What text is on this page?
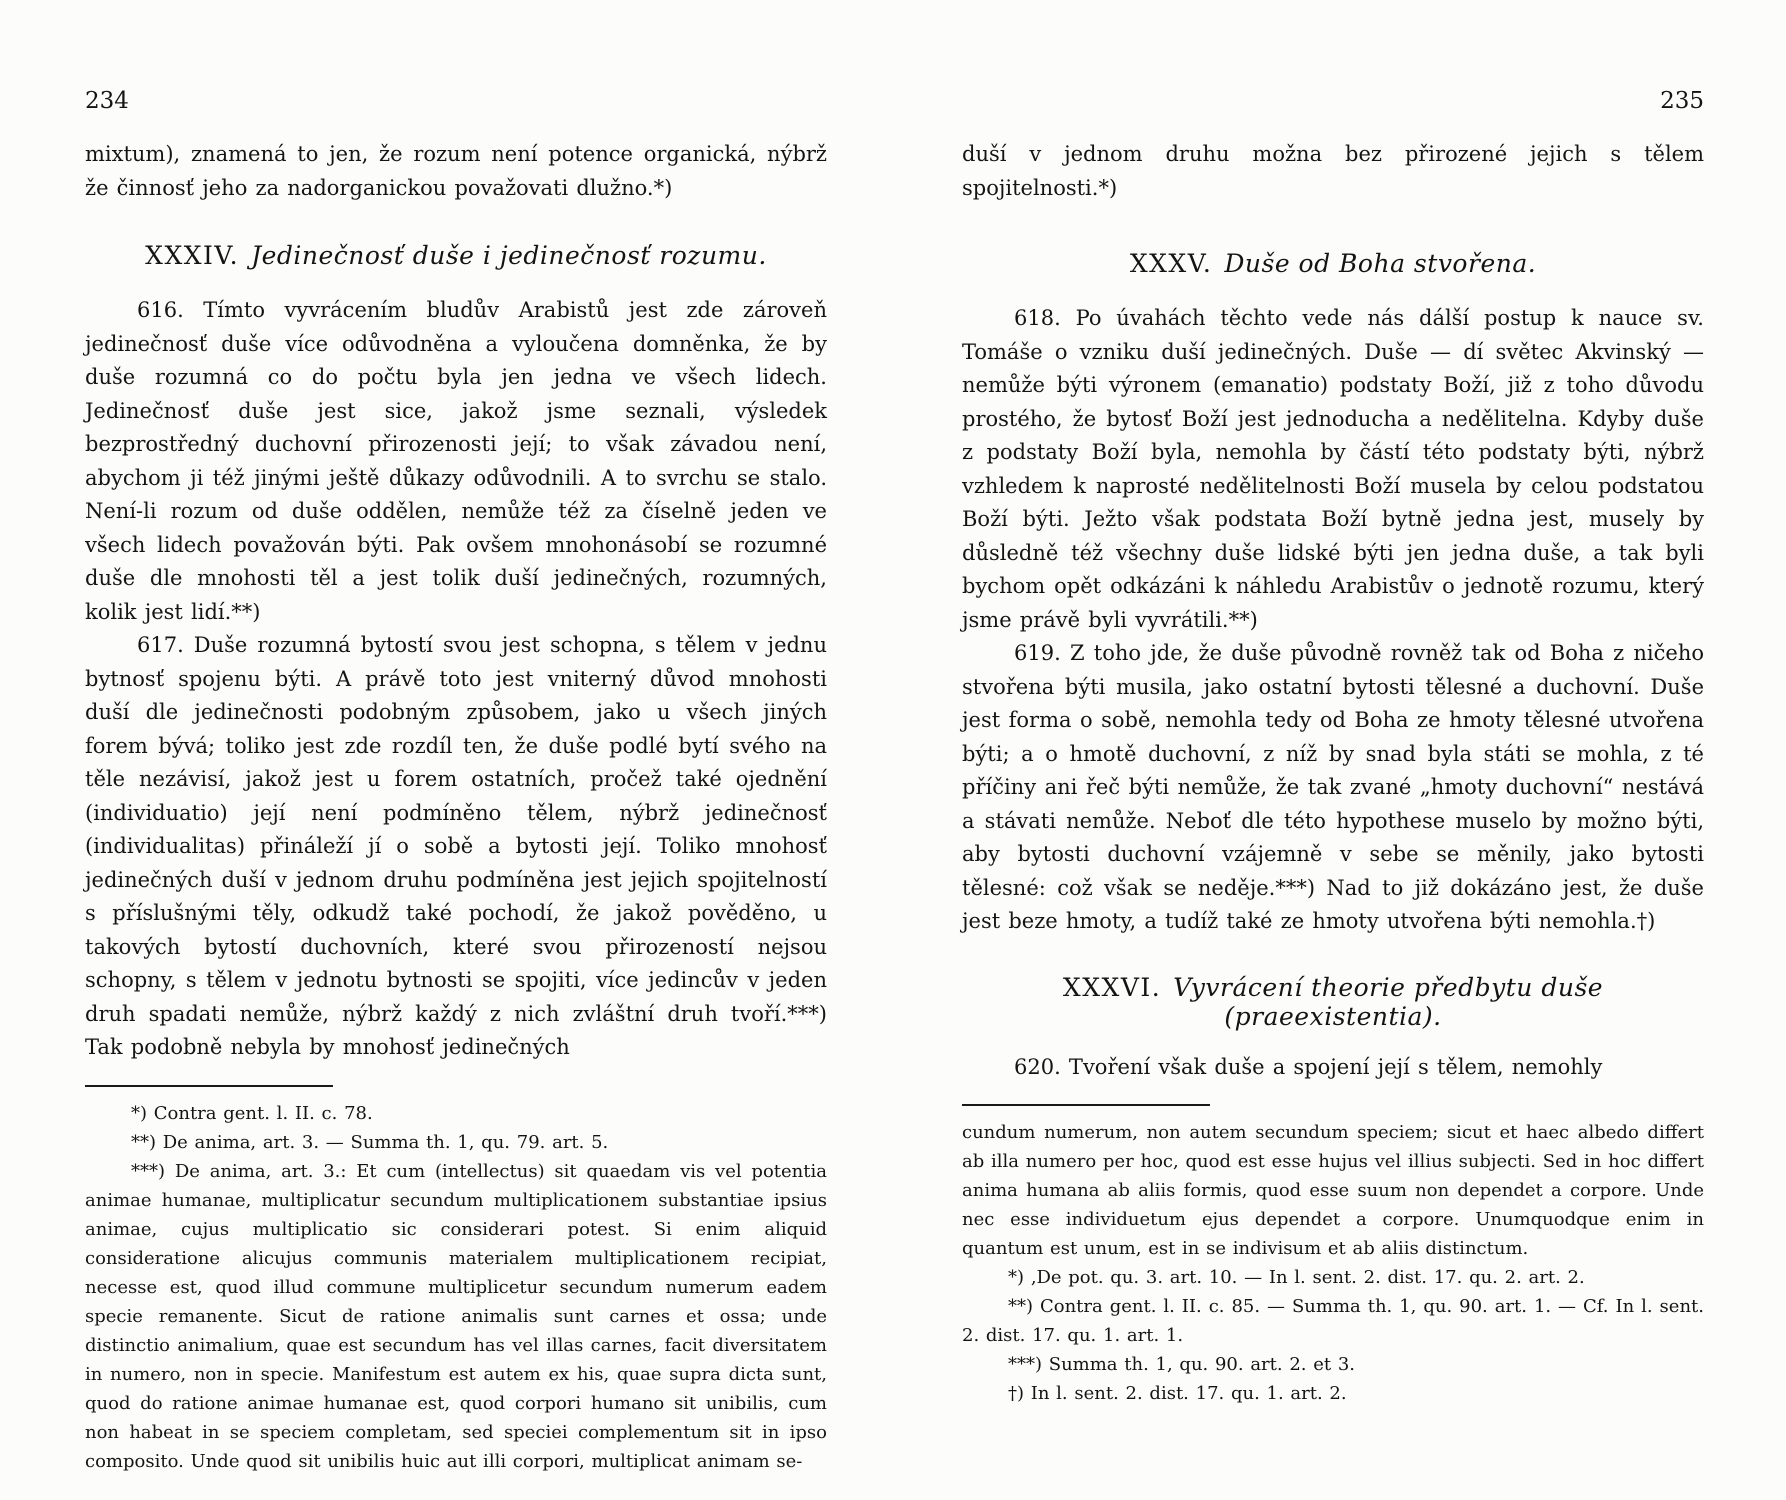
234

mixtum), znamená to jen, že rozum není potence organická, nýbrž že činnosť jeho za nadorganickou považovati dlužno.*)

XXXIV. Jedinečnosť duše i jedinečnosť rozumu.

616. Tímto vyvrácením bludův Arabistů jest zde zároveň jedinečnosť duše více odůvodněna a vyloučena domněnka, že by duše rozumná co do počtu byla jen jedna ve všech lidech. Jedinečnosť duše jest sice, jakož jsme seznali, výsledek bezprostředný duchovní přirozenosti její; to však závadou není, abychom ji též jinými ještě důkazy odůvodnili. A to svrchu se stalo. Není-li rozum od duše oddělen, nemůže též za číselně jeden ve všech lidech považován býti. Pak ovšem mnohonásobí se rozumné duše dle mnohosti těl a jest tolik duší jedinečných, rozumných, kolik jest lidí.**)

617. Duše rozumná bytostí svou jest schopna, s tělem v jednu bytnosť spojenu býti. A právě toto jest vniterný důvod mnohosti duší dle jedinečnosti podobným způsobem, jako u všech jiných forem bývá; toliko jest zde rozdíl ten, že duše podlé bytí svého na těle nezávisí, jakož jest u forem ostatních, pročež také ojednění (individuatio) její není podmíněno tělem, nýbrž jedinečnosť (individualitas) přináleží jí o sobě a bytosti její. Toliko mnohosť jedinečných duší v jednom druhu podmíněna jest jejich spojitelností s příslušnými těly, odkudž také pochodí, že jakož pověděno, u takových bytostí duchovních, které svou přirozeností nejsou schopny, s tělem v jednotu bytnosti se spojiti, více jedincův v jeden druh spadati nemůže, nýbrž každý z nich zvláštní druh tvoří.***) Tak podobně nebyla by mnohosť jedinečných

*) Contra gent. l. II. c. 78.

**) De anima, art. 3. — Summa th. 1, qu. 79. art. 5.

***) De anima, art. 3.: Et cum (intellectus) sit quaedam vis vel potentia animae humanae, multiplicatur secundum multiplicationem substantiae ipsius animae, cujus multiplicatio sic considerari potest. Si enim aliquid consideratione alicujus communis materialem multiplicationem recipiat, necesse est, quod illud commune multiplicetur secundum numerum eadem specie remanente. Sicut de ratione animalis sunt carnes et ossa; unde distinctio animalium, quae est secundum has vel illas carnes, facit diversitatem in numero, non in specie. Manifestum est autem ex his, quae supra dicta sunt, quod do ratione animae humanae est, quod corpori humano sit unibilis, cum non habeat in se speciem completam, sed speciei complementum sit in ipso composito. Unde quod sit unibilis huic aut illi corpori, multiplicat animam se-

235

duší v jednom druhu možna bez přirozené jejich s tělem spojitelnosti.*)

XXXV. Duše od Boha stvořena.

618. Po úvahách těchto vede nás dálší postup k nauce sv. Tomáše o vzniku duší jedinečných. Duše — dí světec Akvinský — nemůže býti výronem (emanatio) podstaty Boží, již z toho důvodu prostého, že bytosť Boží jest jednoducha a nedělitelna. Kdyby duše z podstaty Boží byla, nemohla by částí této podstaty býti, nýbrž vzhledem k naprosté nedělitelnosti Boží musela by celou podstatou Boží býti. Ježto však podstata Boží bytně jedna jest, musely by důsledně též všechny duše lidské býti jen jedna duše, a tak byli bychom opět odkázáni k náhledu Arabistův o jednotě rozumu, který jsme právě byli vyvrátili.**)

619. Z toho jde, že duše původně rovněž tak od Boha z ničeho stvořena býti musila, jako ostatní bytosti tělesné a duchovní. Duše jest forma o sobě, nemohla tedy od Boha ze hmoty tělesné utvořena býti; a o hmotě duchovní, z níž by snad byla státi se mohla, z té příčiny ani řeč býti nemůže, že tak zvané „hmoty duchovní“ nestává a stávati nemůže. Neboť dle této hypothese muselo by možno býti, aby bytosti duchovní vzájemně v sebe se měnily, jako bytosti tělesné: což však se neděje.***) Nad to již dokázáno jest, že duše jest beze hmoty, a tudíž také ze hmoty utvořena býti nemohla.†)

XXXVI. Vyvrácení theorie předbytu duše (praeexistentia).

620. Tvoření však duše a spojení její s tělem, nemohly

cundum numerum, non autem secundum speciem; sicut et haec albedo differt ab illa numero per hoc, quod est esse hujus vel illius subjecti. Sed in hoc differt anima humana ab aliis formis, quod esse suum non dependet a corpore. Unde nec esse individuetum ejus dependet a corpore. Unumquodque enim in quantum est unum, est in se indivisum et ab aliis distinctum.

*) ‚De pot. qu. 3. art. 10. — In l. sent. 2. dist. 17. qu. 2. art. 2.

**) Contra gent. l. II. c. 85. — Summa th. 1, qu. 90. art. 1. — Cf. In l. sent. 2. dist. 17. qu. 1. art. 1.

***) Summa th. 1, qu. 90. art. 2. et 3.

†) In l. sent. 2. dist. 17. qu. 1. art. 2.
